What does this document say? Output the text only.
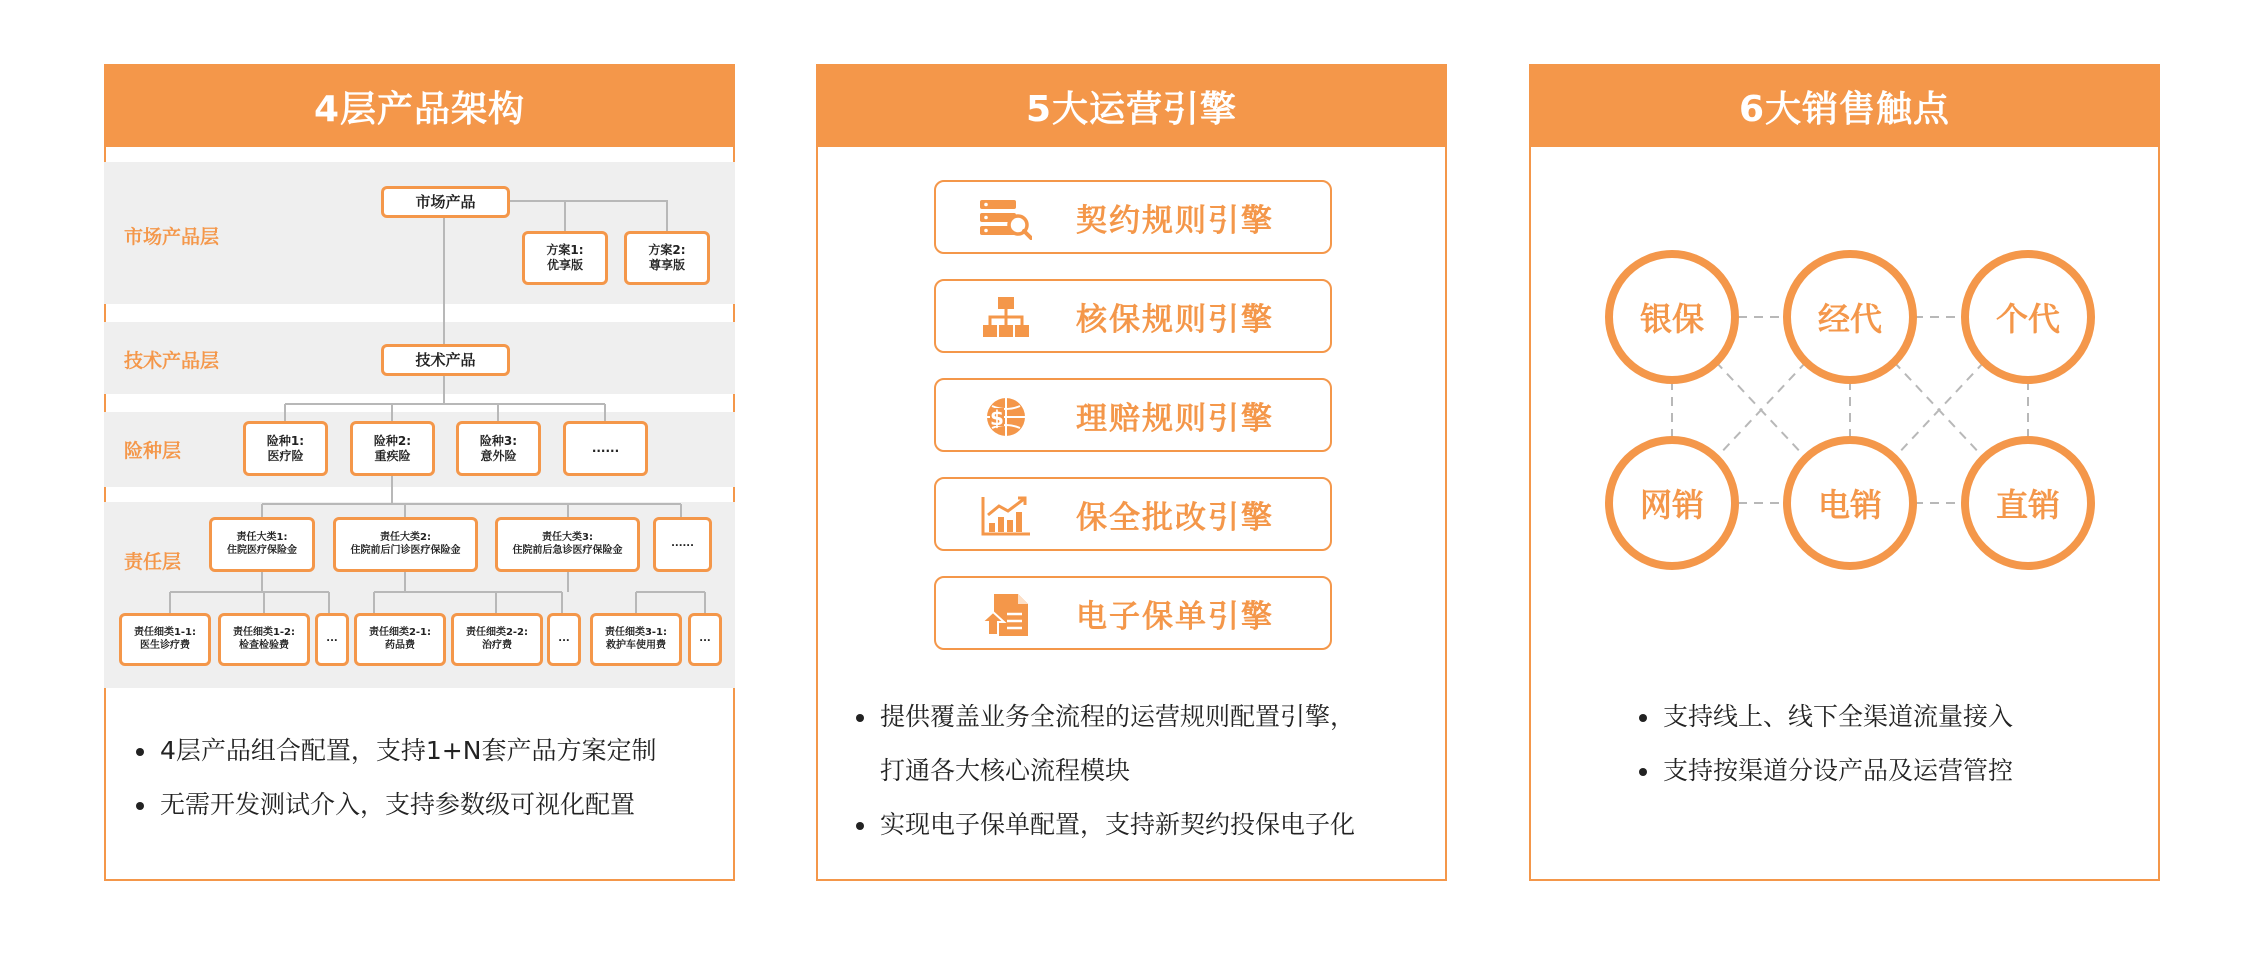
4层产品架构
市场产品层
技术产品层
险种层
责任层
市场产品
方案1:
优享版
方案2:
尊享版
技术产品
险种1:
医疗险
险种2:
重疾险
险种3:
意外险
......
责任大类1:
住院医疗保险金
责任大类2:
住院前后门诊医疗保险金
责任大类3:
住院前后急诊医疗保险金
......
责任细类1-1:
医生诊疗费
责任细类1-2:
检查检验费
...
责任细类2-1:
药品费
责任细类2-2:
治疗费
...
责任细类3-1:
救护车使用费
...
4层产品组合配置，支持1+N套产品方案定制
无需开发测试介入，支持参数级可视化配置
5大运营引擎
契约规则引擎
核保规则引擎
$ 理赔规则引擎
保全批改引擎
电子保单引擎
提供覆盖业务全流程的运营规则配置引擎，
打通各大核心流程模块
实现电子保单配置，支持新契约投保电子化
6大销售触点
银保	经代	个代
网销	电销	直销
支持线上、线下全渠道流量接入
支持按渠道分设产品及运营管控
